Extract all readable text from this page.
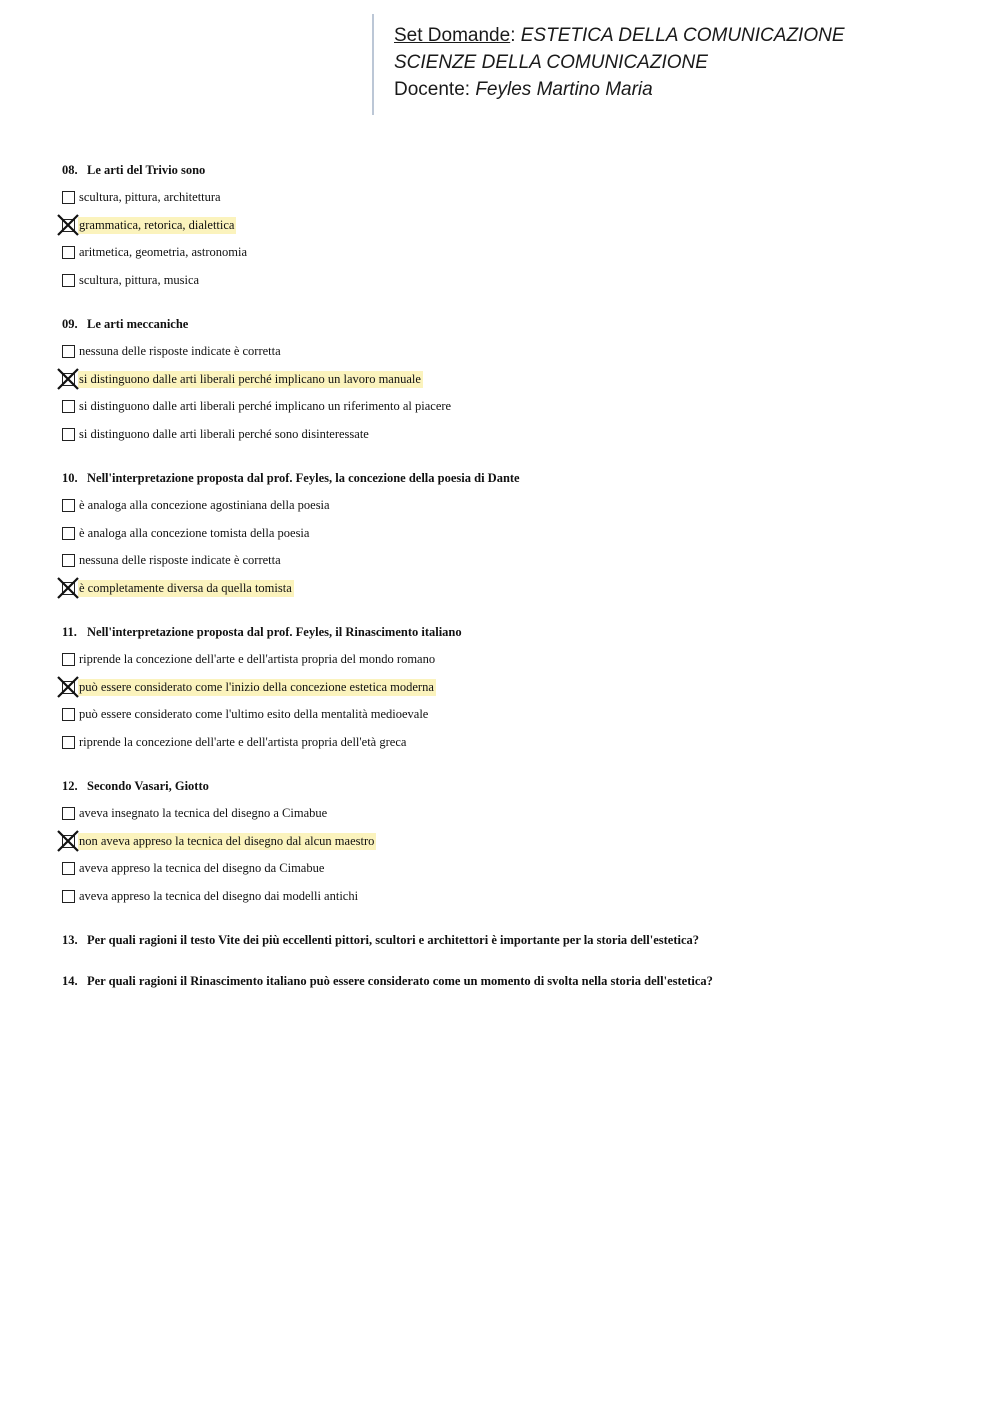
Set Domande: ESTETICA DELLA COMUNICAZIONE
SCIENZE DELLA COMUNICAZIONE
Docente: Feyles Martino Maria
08. Le arti del Trivio sono
scultura, pittura, architettura
grammatica, retorica, dialettica
aritmetica, geometria, astronomia
scultura, pittura, musica
09. Le arti meccaniche
nessuna delle risposte indicate è corretta
si distinguono dalle arti liberali perché implicano un lavoro manuale
si distinguono dalle arti liberali perché implicano un riferimento al piacere
si distinguono dalle arti liberali perché sono disinteressate
10. Nell'interpretazione proposta dal prof. Feyles, la concezione della poesia di Dante
è analoga alla concezione agostiniana della poesia
è analoga alla concezione tomista della poesia
nessuna delle risposte indicate è corretta
è completamente diversa da quella tomista
11. Nell'interpretazione proposta dal prof. Feyles, il Rinascimento italiano
riprende la concezione dell'arte e dell'artista propria del mondo romano
può essere considerato come l'inizio della concezione estetica moderna
può essere considerato come l'ultimo esito della mentalità medioevale
riprende la concezione dell'arte e dell'artista propria dell'età greca
12. Secondo Vasari, Giotto
aveva insegnato la tecnica del disegno a Cimabue
non aveva appreso la tecnica del disegno dal alcun maestro
aveva appreso la tecnica del disegno da Cimabue
aveva appreso la tecnica del disegno dai modelli antichi
13. Per quali ragioni il testo Vite dei più eccellenti pittori, scultori e architettori è importante per la storia dell'estetica?
14. Per quali ragioni il Rinascimento italiano può essere considerato come un momento di svolta nella storia dell'estetica?
